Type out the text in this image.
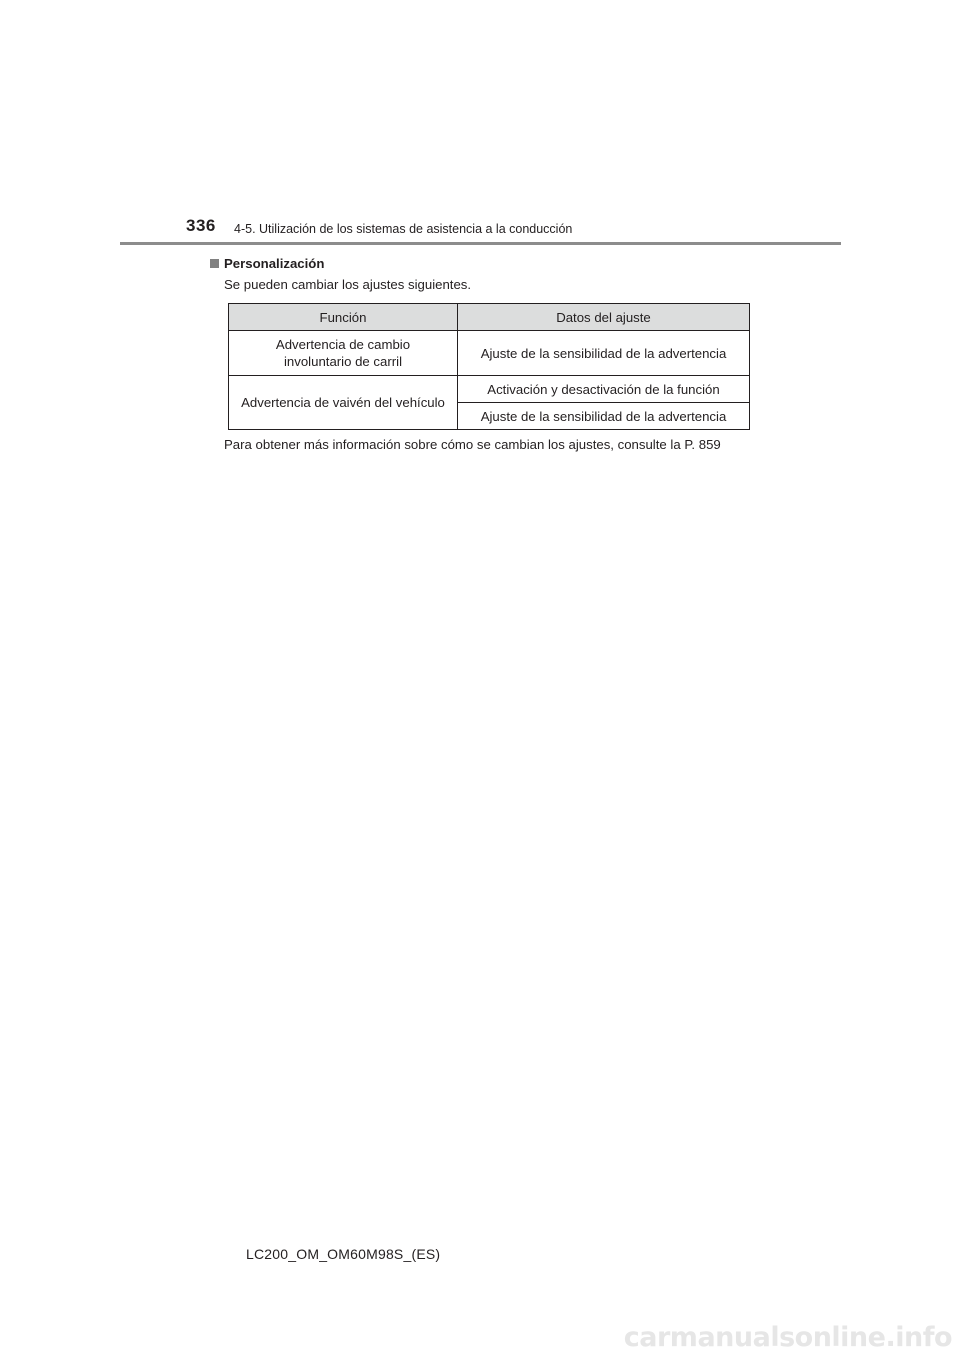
336 4-5. Utilización de los sistemas de asistencia a la conducción
Personalización
Se pueden cambiar los ajustes siguientes.
Función	Datos del ajuste
Advertencia de cambio involuntario de carril	Ajuste de la sensibilidad de la advertencia
Advertencia de vaivén del vehículo	Activación y desactivación de la función
	Ajuste de la sensibilidad de la advertencia
Para obtener más información sobre cómo se cambian los ajustes, consulte la P. 859
LC200_OM_OM60M98S_(ES)
carmanualsonline.info
